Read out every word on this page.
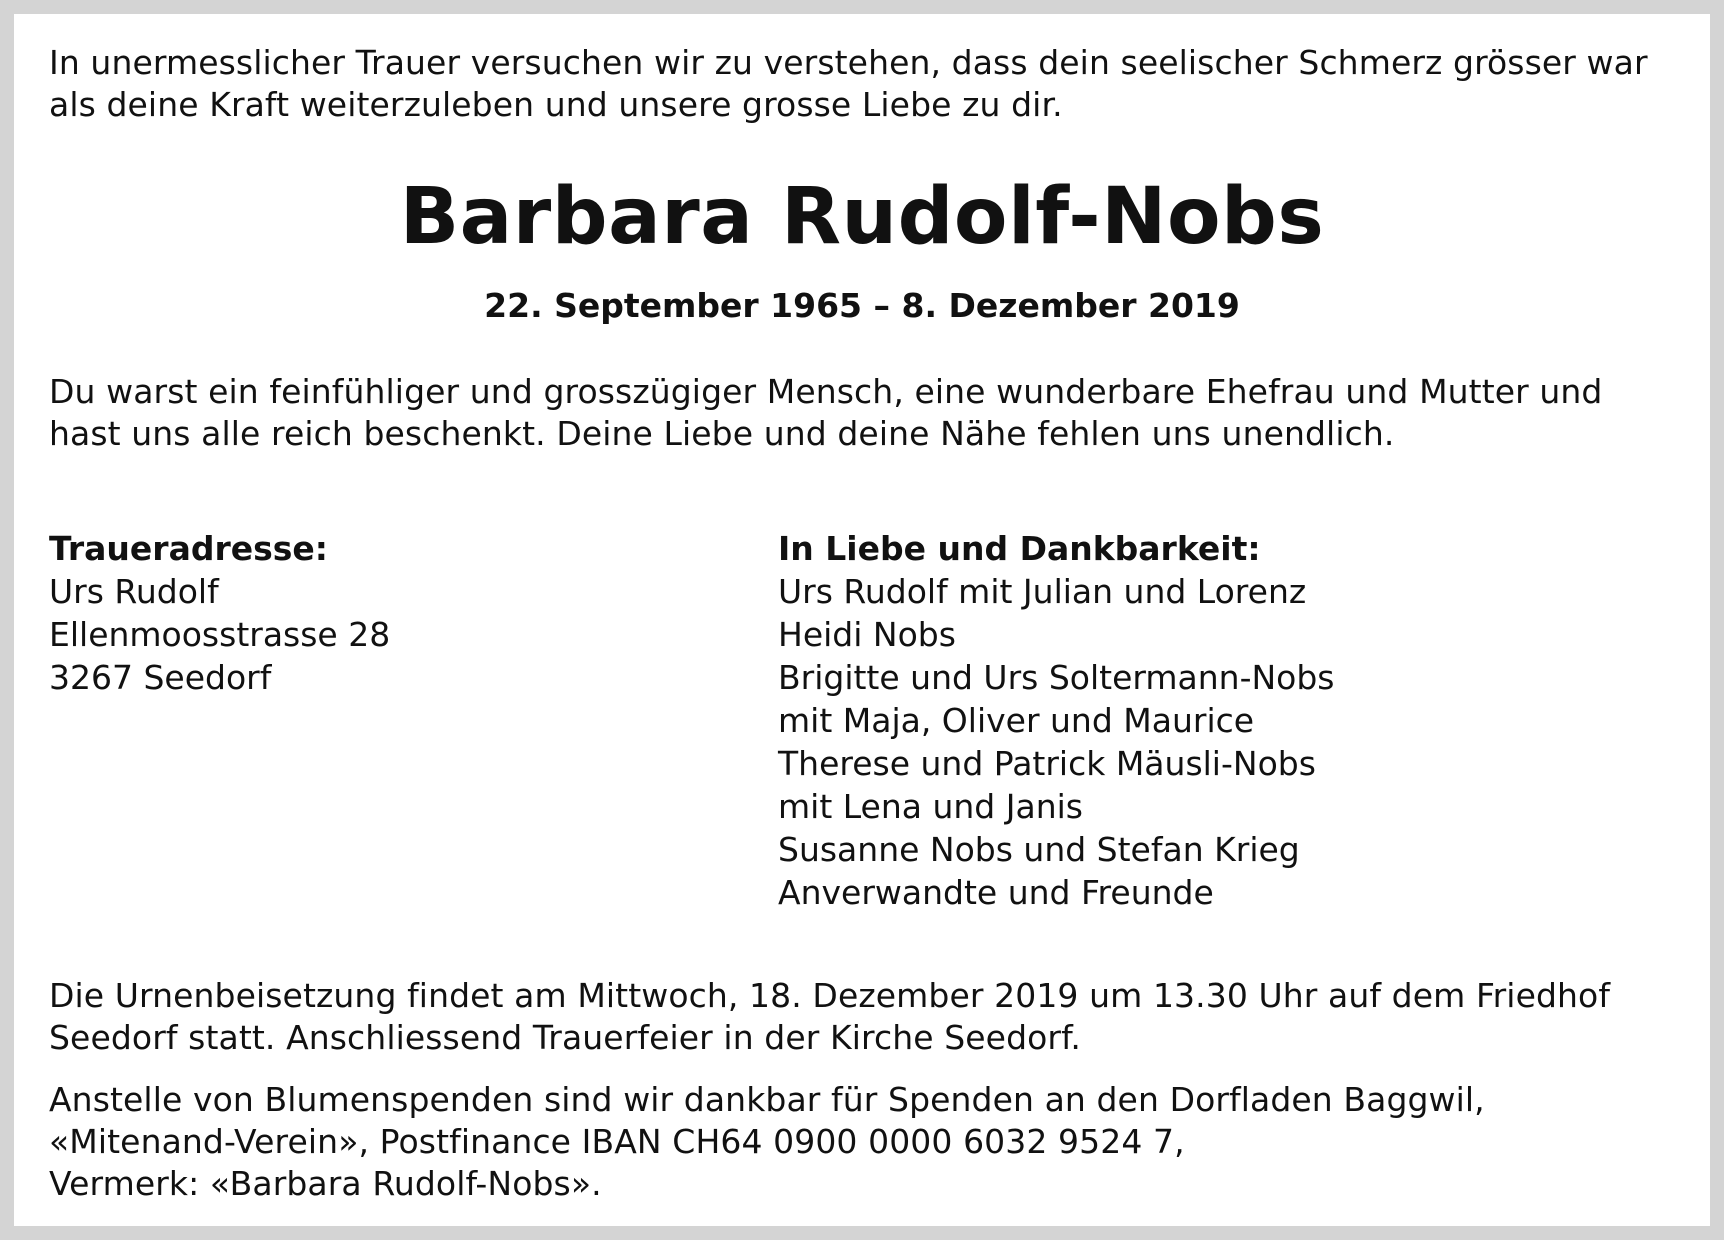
In unermesslicher Trauer versuchen wir zu verstehen, dass dein seelischer Schmerz grösser war
als deine Kraft weiterzuleben und unsere grosse Liebe zu dir.

Barbara Rudolf-Nobs

22. September 1965 – 8. Dezember 2019

Du warst ein feinfühliger und grosszügiger Mensch, eine wunderbare Ehefrau und Mutter und
hast uns alle reich beschenkt. Deine Liebe und deine Nähe fehlen uns unendlich.

Traueradresse:
Urs Rudolf
Ellenmoosstrasse 28
3267 Seedorf
In Liebe und Dankbarkeit:
Urs Rudolf mit Julian und Lorenz
Heidi Nobs
Brigitte und Urs Soltermann-Nobs
mit Maja, Oliver und Maurice
Therese und Patrick Mäusli-Nobs
mit Lena und Janis
Susanne Nobs und Stefan Krieg
Anverwandte und Freunde

Die Urnenbeisetzung findet am Mittwoch, 18. Dezember 2019 um 13.30 Uhr auf dem Friedhof
Seedorf statt. Anschliessend Trauerfeier in der Kirche Seedorf.

Anstelle von Blumenspenden sind wir dankbar für Spenden an den Dorfladen Baggwil,
«Mitenand-Verein», Postfinance IBAN CH64 0900 0000 6032 9524 7,
Vermerk: «Barbara Rudolf-Nobs».
